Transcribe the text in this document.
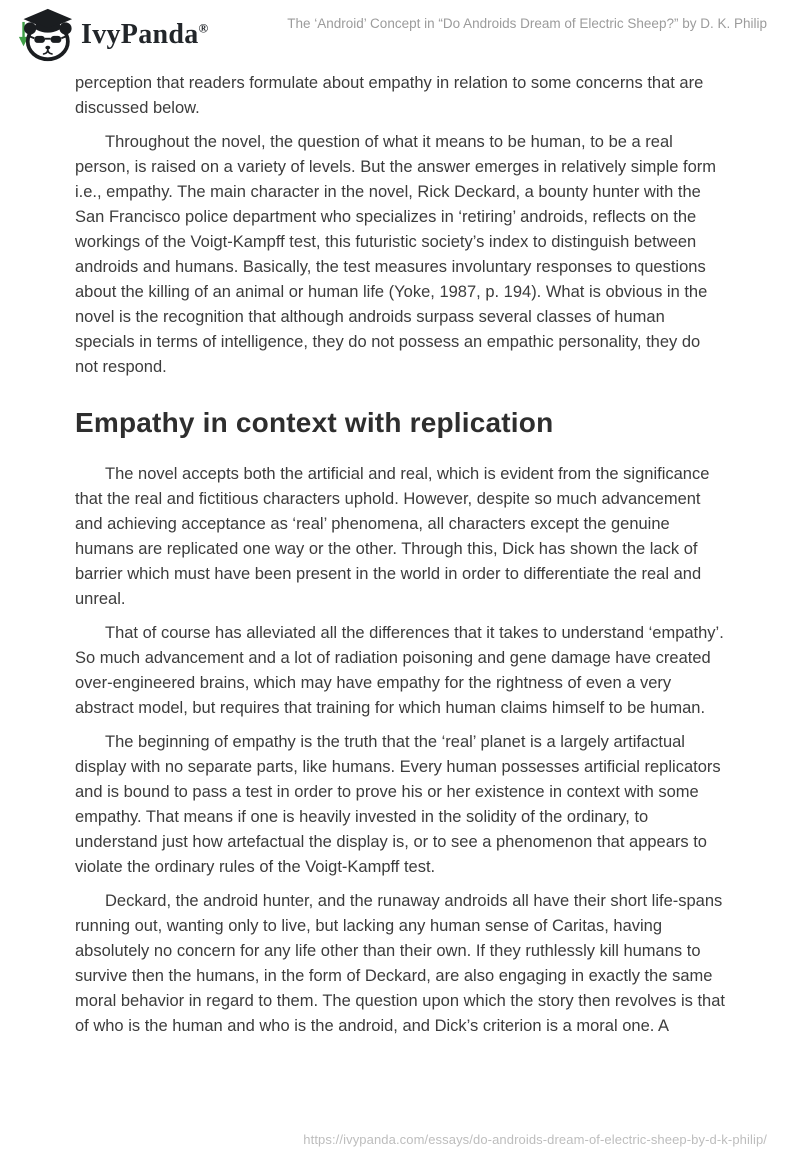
IvyPanda®	The ‘Android’ Concept in “Do Androids Dream of Electric Sheep?” by D. K. Philip

perception that readers formulate about empathy in relation to some concerns that are discussed below.

Throughout the novel, the question of what it means to be human, to be a real person, is raised on a variety of levels. But the answer emerges in relatively simple form i.e., empathy. The main character in the novel, Rick Deckard, a bounty hunter with the San Francisco police department who specializes in ‘retiring’ androids, reflects on the workings of the Voigt-Kampff test, this futuristic society’s index to distinguish between androids and humans. Basically, the test measures involuntary responses to questions about the killing of an animal or human life (Yoke, 1987, p. 194). What is obvious in the novel is the recognition that although androids surpass several classes of human specials in terms of intelligence, they do not possess an empathic personality, they do not respond.

Empathy in context with replication

The novel accepts both the artificial and real, which is evident from the significance that the real and fictitious characters uphold. However, despite so much advancement and achieving acceptance as ‘real’ phenomena, all characters except the genuine humans are replicated one way or the other. Through this, Dick has shown the lack of barrier which must have been present in the world in order to differentiate the real and unreal.

That of course has alleviated all the differences that it takes to understand ‘empathy’. So much advancement and a lot of radiation poisoning and gene damage have created over-engineered brains, which may have empathy for the rightness of even a very abstract model, but requires that training for which human claims himself to be human.

The beginning of empathy is the truth that the ‘real’ planet is a largely artifactual display with no separate parts, like humans. Every human possesses artificial replicators and is bound to pass a test in order to prove his or her existence in context with some empathy. That means if one is heavily invested in the solidity of the ordinary, to understand just how artefactual the display is, or to see a phenomenon that appears to violate the ordinary rules of the Voigt-Kampff test.

Deckard, the android hunter, and the runaway androids all have their short life-spans running out, wanting only to live, but lacking any human sense of Caritas, having absolutely no concern for any life other than their own. If they ruthlessly kill humans to survive then the humans, in the form of Deckard, are also engaging in exactly the same moral behavior in regard to them. The question upon which the story then revolves is that of who is the human and who is the android, and Dick’s criterion is a moral one. A

https://ivypanda.com/essays/do-androids-dream-of-electric-sheep-by-d-k-philip/
